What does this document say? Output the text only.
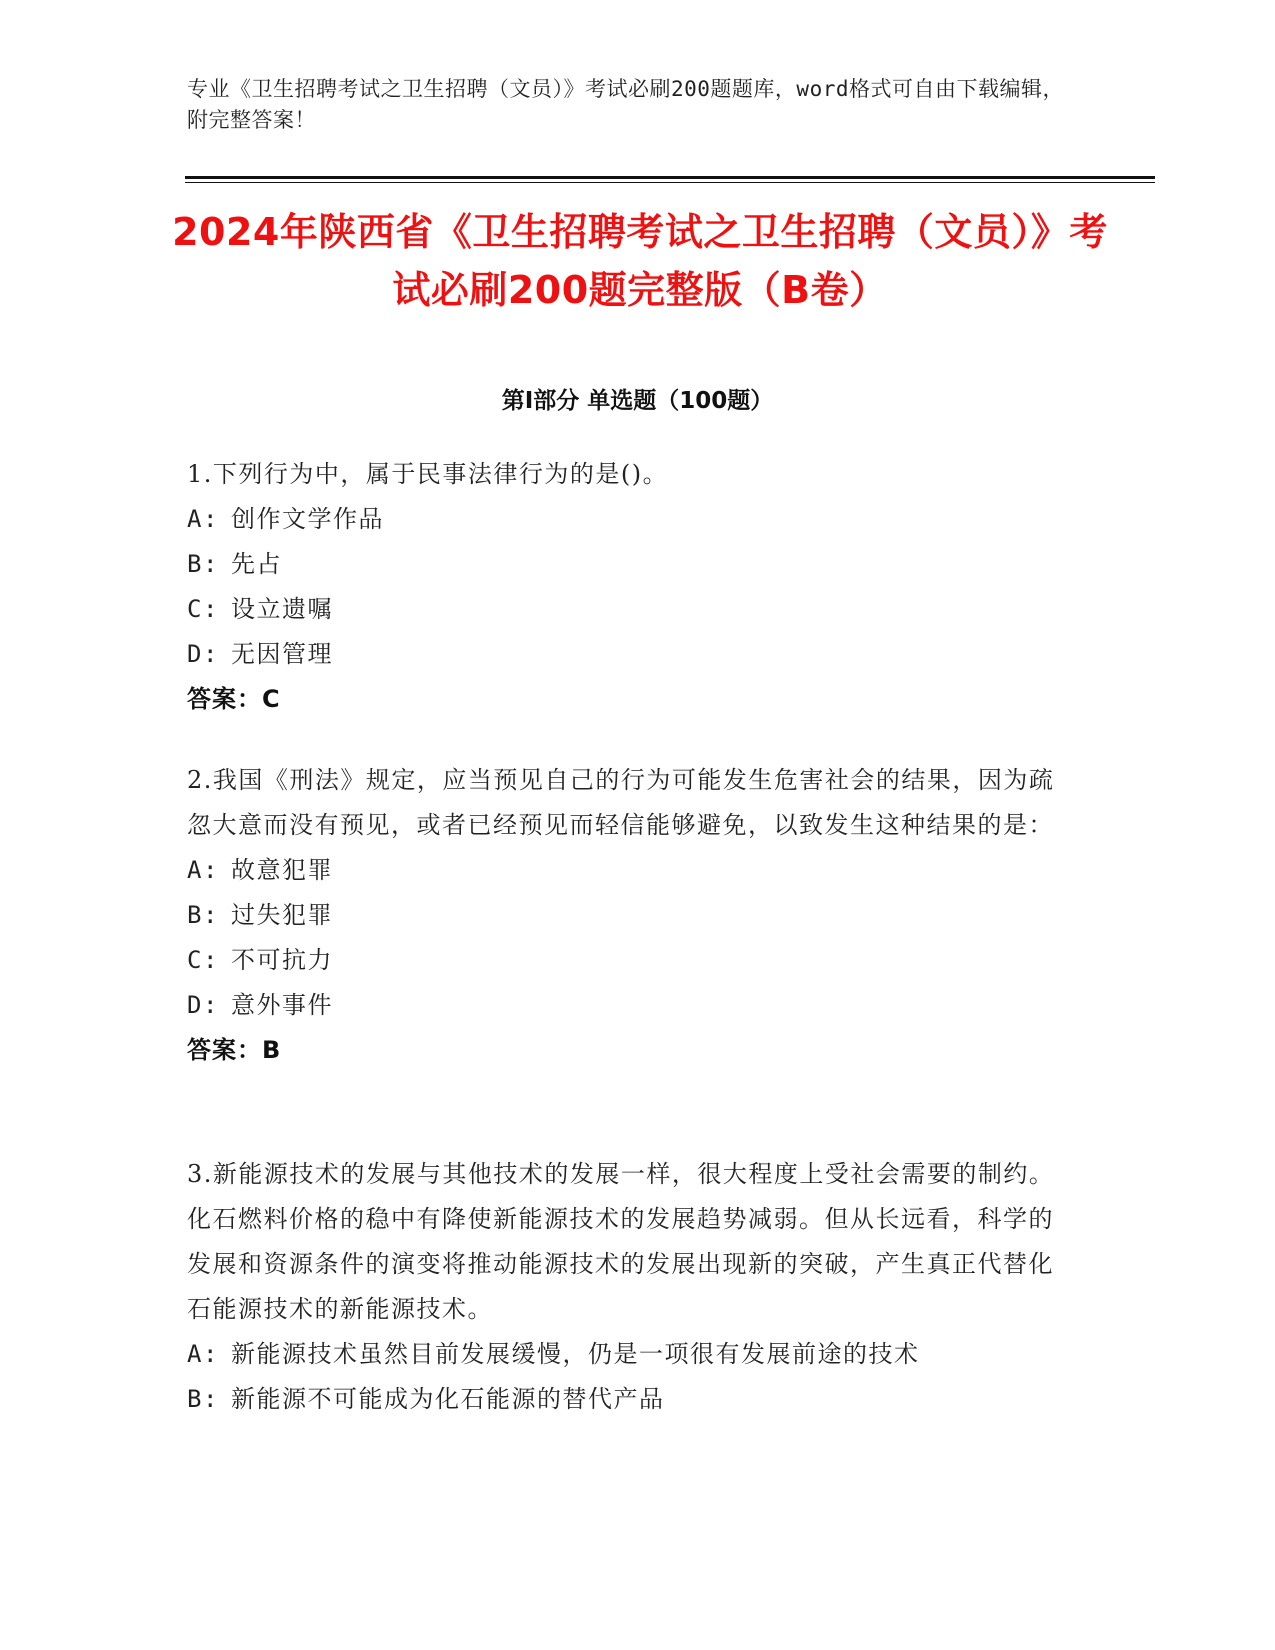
专业《卫生招聘考试之卫生招聘（文员）》考试必刷200题题库，word格式可自由下载编辑，附完整答案！
2024年陕西省《卫生招聘考试之卫生招聘（文员）》考试必刷200题完整版（B卷）
第Ⅰ部分 单选题（100题）

1.下列行为中，属于民事法律行为的是()。

A: 创作文学作品

B: 先占

C: 设立遗嘱

D: 无因管理

答案：C

2.我国《刑法》规定，应当预见自己的行为可能发生危害社会的结果，因为疏忽大意而没有预见，或者已经预见而轻信能够避免，以致发生这种结果的是：

A: 故意犯罪

B: 过失犯罪

C: 不可抗力

D: 意外事件

答案：B

3.新能源技术的发展与其他技术的发展一样，很大程度上受社会需要的制约。化石燃料价格的稳中有降使新能源技术的发展趋势减弱。但从长远看，科学的发展和资源条件的演变将推动能源技术的发展出现新的突破，产生真正代替化石能源技术的新能源技术。

A: 新能源技术虽然目前发展缓慢，仍是一项很有发展前途的技术

B: 新能源不可能成为化石能源的替代产品
